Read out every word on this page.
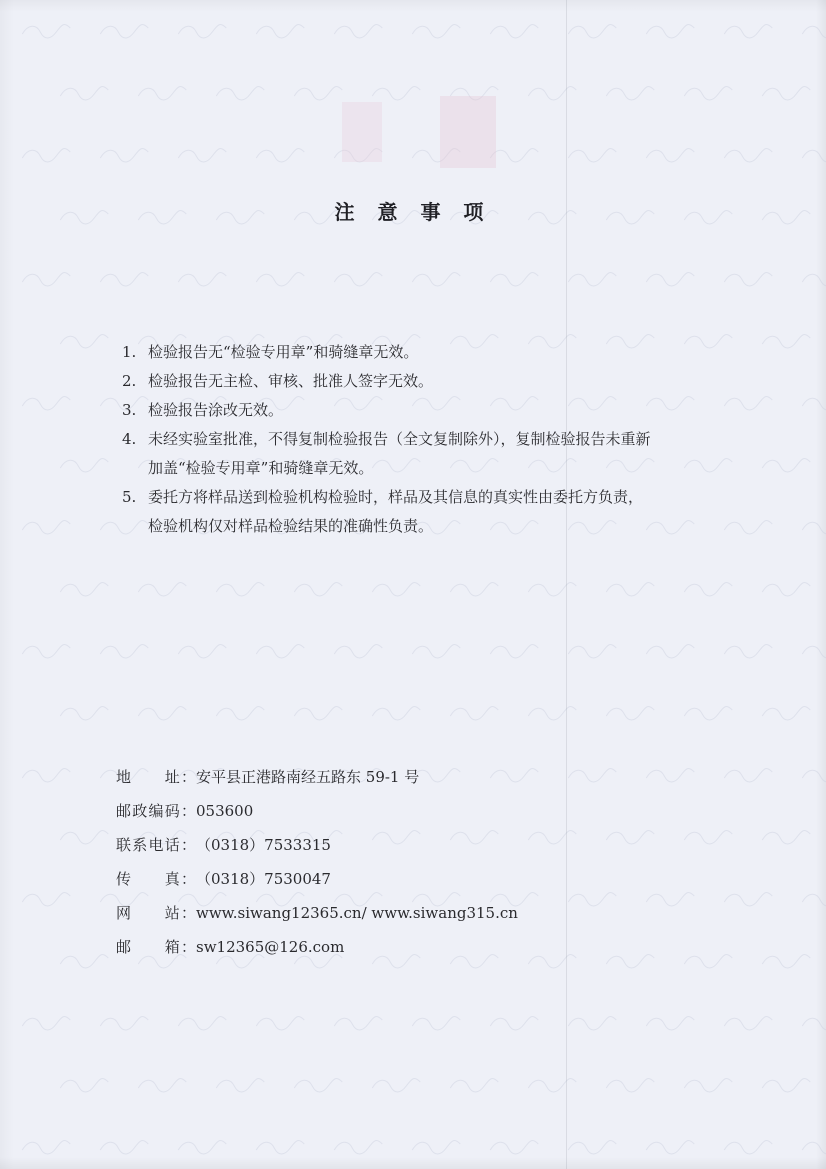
注 意 事 项
1. 检验报告无“检验专用章”和骑缝章无效。
2. 检验报告无主检、审核、批准人签字无效。
3. 检验报告涂改无效。
4. 未经实验室批准，不得复制检验报告（全文复制除外），复制检验报告未重新
加盖“检验专用章”和骑缝章无效。
5. 委托方将样品送到检验机构检验时，样品及其信息的真实性由委托方负责，
检验机构仅对样品检验结果的准确性负责。
地　　址：安平县正港路南经五路东 59-1 号
邮政编码：053600
联系电话：（0318）7533315
传　　真：（0318）7530047
网　　站：www.siwang12365.cn/ www.siwang315.cn
邮　　箱：sw12365@126.com
